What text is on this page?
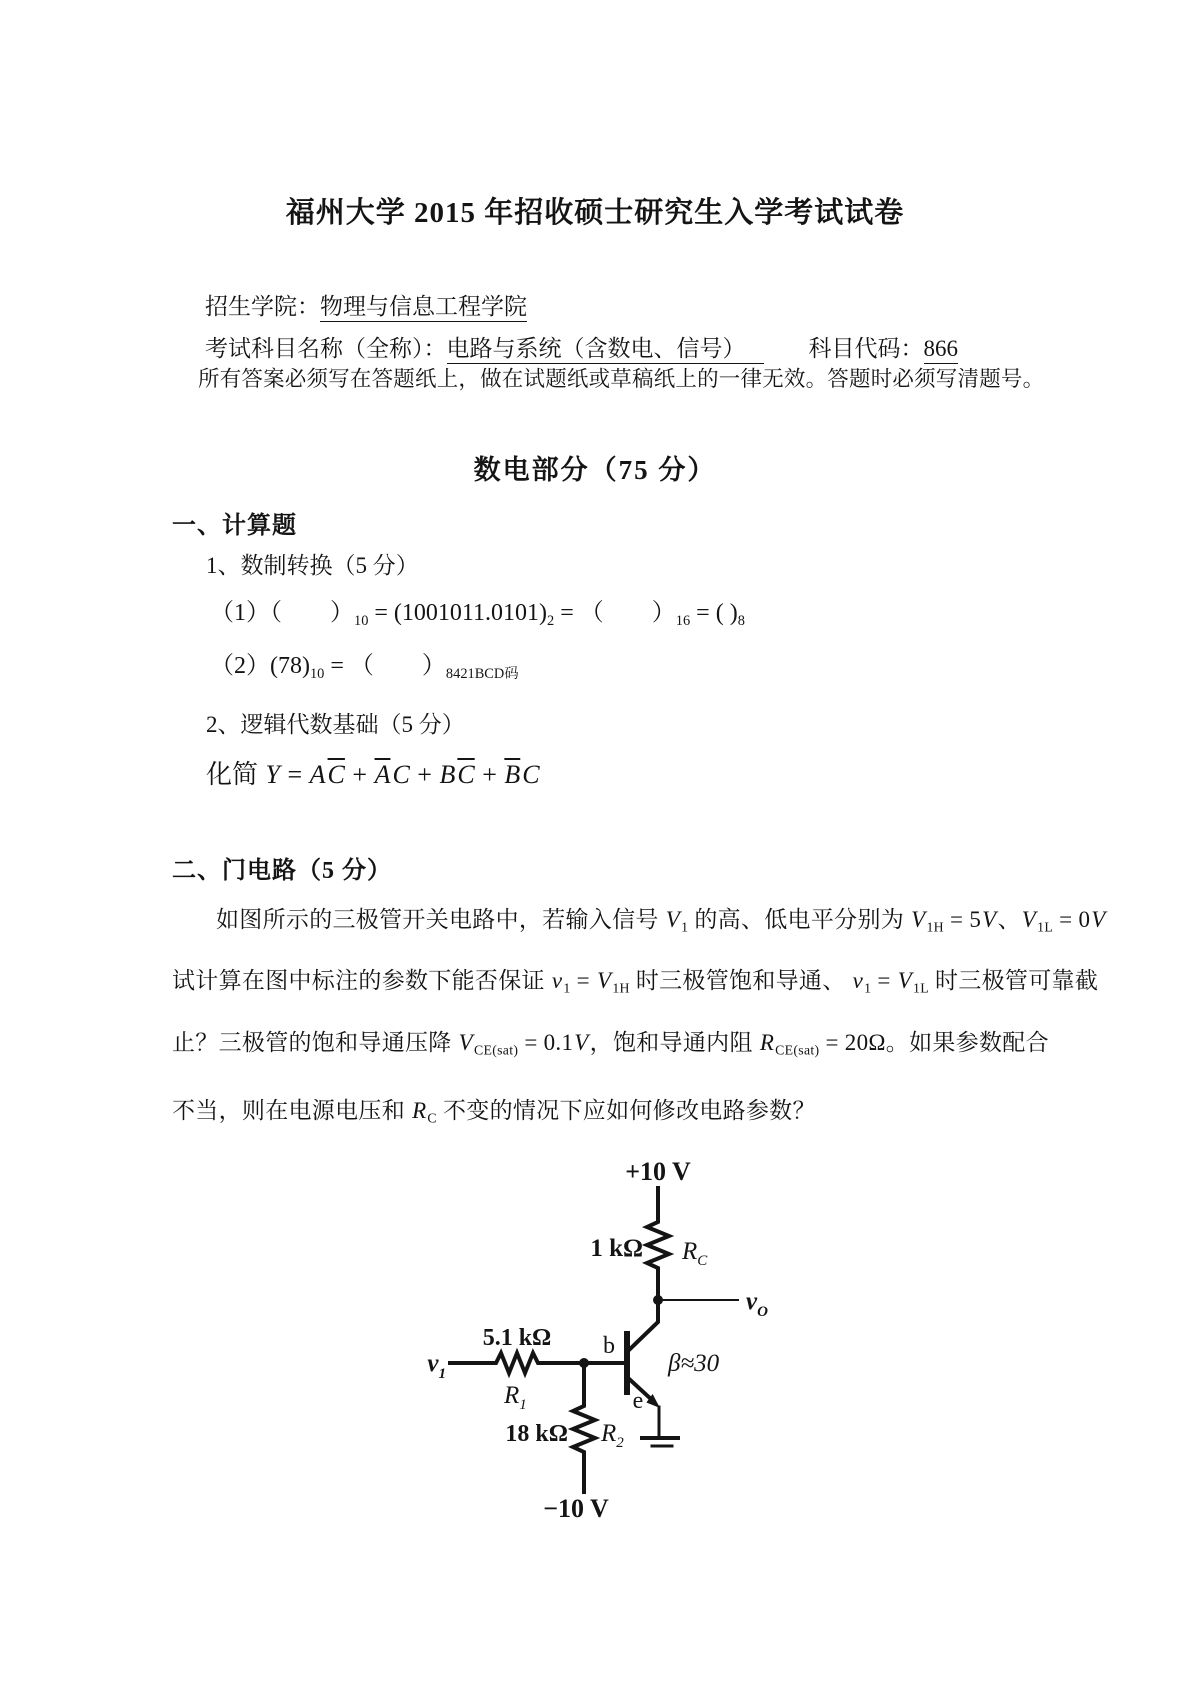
福州大学 2015 年招收硕士研究生入学考试试卷
招生学院：物理与信息工程学院
考试科目名称（全称）：电路与系统（含数电、信号）	科目代码：866
所有答案必须写在答题纸上，做在试题纸或草稿纸上的一律无效。答题时必须写清题号。
数电部分（75 分）
一、计算题
1、数制转换（5 分）
（1）（　　）10 = (1001011.0101)2 = （　　）16 = ( )8
（2）(78)10 = （　　）8421BCD码
2、逻辑代数基础（5 分）
化简 $Y = A\overline{C} + \overline{A}C + B\overline{C} + \overline{B}C$
二、门电路（5 分）
如图所示的三极管开关电路中，若输入信号 V1 的高、低电平分别为 V1H = 5V、V1L = 0V
试计算在图中标注的参数下能否保证 v1 = V1H 时三极管饱和导通、 v1 = V1L 时三极管可靠截
止？三极管的饱和导通压降 VCE(sat) = 0.1V，饱和导通内阻 RCE(sat) = 20Ω。如果参数配合
不当，则在电源电压和 RC 不变的情况下应如何修改电路参数？
+10 V
1 kΩ $R_C$
$v_O$
$v_1$
5.1 kΩ
$R_1$
18 kΩ $R_2$
−10 V
b
e
β≈30
